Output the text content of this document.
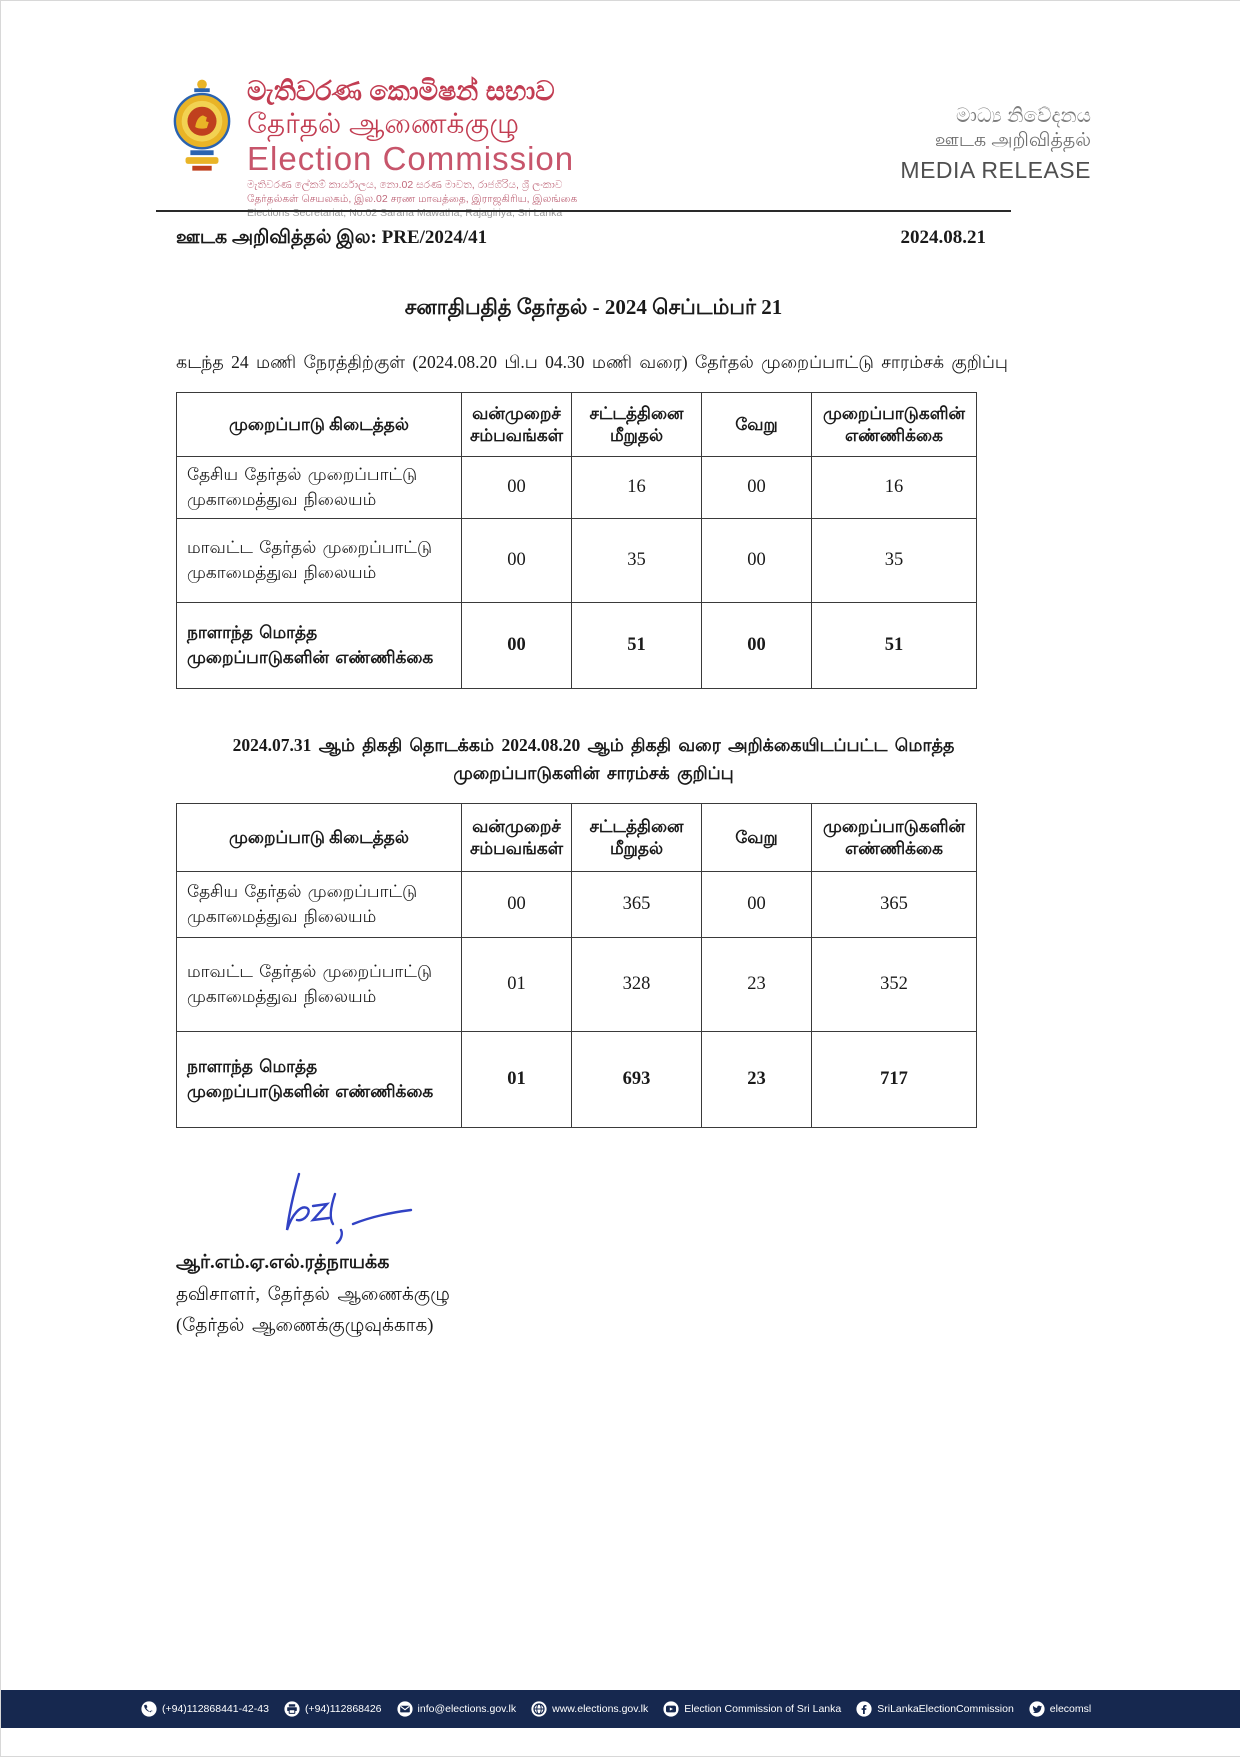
මැතිවරණ කොමිෂන් සභාව
தேர்தல் ஆணைக்குழு
Election Commission
මැතිවරණ ලේකම් කාර්යාලය, නො.02 සරණ මාවත, රාජගිරිය, ශ්‍රී ලංකාව
தேர்தல்கள் செயலகம், இல.02 சரண மாவத்தை, இராஜகிரிய, இலங்கை
Elections Secretariat, No.02 Sarana Mawatha, Rajagiriya, Sri Lanka
මාධ්‍ය නිවේදනය
ஊடக அறிவித்தல்
MEDIA RELEASE
ஊடக அறிவித்தல் இல: PRE/2024/41	2024.08.21
சனாதிபதித் தேர்தல் - 2024 செப்டம்பர் 21

கடந்த 24 மணி நேரத்திற்குள் (2024.08.20 பி.ப 04.30 மணி வரை) தேர்தல் முறைப்பாட்டு சாரம்சக் குறிப்பு

முறைப்பாடு கிடைத்தல்	வன்முறைச் சம்பவங்கள்	சட்டத்தினை மீறுதல்	வேறு	முறைப்பாடுகளின் எண்ணிக்கை
தேசிய தேர்தல் முறைப்பாட்டு முகாமைத்துவ நிலையம்	00	16	00	16
மாவட்ட தேர்தல் முறைப்பாட்டு முகாமைத்துவ நிலையம்	00	35	00	35
நாளாந்த மொத்த முறைப்பாடுகளின் எண்ணிக்கை	00	51	00	51

2024.07.31 ஆம் திகதி தொடக்கம் 2024.08.20 ஆம் திகதி வரை அறிக்கையிடப்பட்ட மொத்த முறைப்பாடுகளின் சாரம்சக் குறிப்பு

முறைப்பாடு கிடைத்தல்	வன்முறைச் சம்பவங்கள்	சட்டத்தினை மீறுதல்	வேறு	முறைப்பாடுகளின் எண்ணிக்கை
தேசிய தேர்தல் முறைப்பாட்டு முகாமைத்துவ நிலையம்	00	365	00	365
மாவட்ட தேர்தல் முறைப்பாட்டு முகாமைத்துவ நிலையம்	01	328	23	352
நாளாந்த மொத்த முறைப்பாடுகளின் எண்ணிக்கை	01	693	23	717
ஆர்.எம்.ஏ.எல்.ரத்நாயக்க
தவிசாளர், தேர்தல் ஆணைக்குழு
(தேர்தல் ஆணைக்குழுவுக்காக)
(+94)112868441-42-43	(+94)112868426	info@elections.gov.lk	www.elections.gov.lk	Election Commission of Sri Lanka	SriLankaElectionCommission	elecomsl
